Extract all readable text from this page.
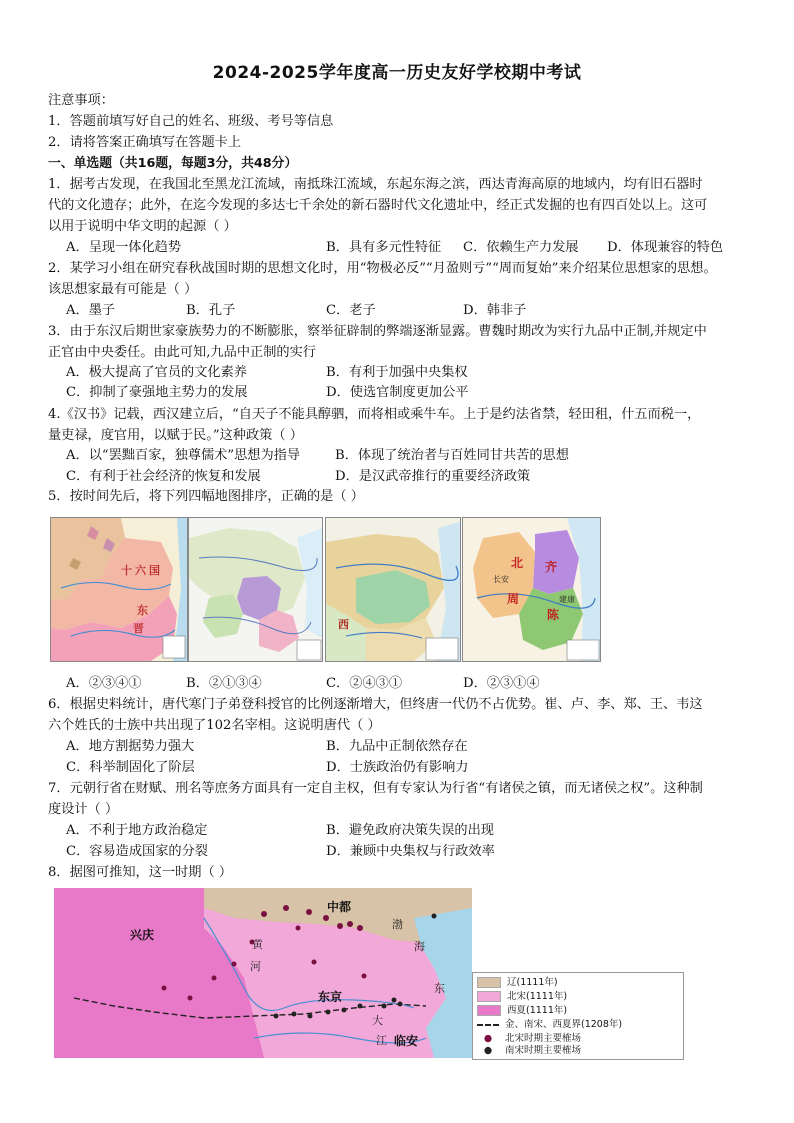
2024-2025学年度高一历史友好学校期中考试
注意事项：
1．答题前填写好自己的姓名、班级、考号等信息
2．请将答案正确填写在答题卡上
一、单选题（共16题，每题3分，共48分）
1．据考古发现，在我国北至黑龙江流域，南抵珠江流域，东起东海之滨，西达青海高原的地域内，均有旧石器时
代的文化遗存；此外，在迄今发现的多达七千余处的新石器时代文化遗址中，经正式发掘的也有四百处以上。这可
以用于说明中华文明的起源（ ）
A．呈现一体化趋势	B．具有多元性特征 C．依赖生产力发展 D．体现兼容的特色
2．某学习小组在研究春秋战国时期的思想文化时，用“物极必反”“月盈则亏”“周而复始”来介绍某位思想家的思想。
该思想家最有可能是（ ）
A．墨子	B．孔子	C．老子	D．韩非子
3．由于东汉后期世家豪族势力的不断膨胀，察举征辟制的弊端逐渐显露。曹魏时期改为实行九品中正制,并规定中
正官由中央委任。由此可知,九品中正制的实行
A．极大提高了官员的文化素养	B．有利于加强中央集权
C．抑制了豪强地主势力的发展	D．使选官制度更加公平
4.《汉书》记载，西汉建立后，“自天子不能具醇驷，而将相或乘牛车。上于是约法省禁，轻田租，什五而税一，
量吏禄，度官用，以赋于民。”这种政策（ ）
A．以“罢黜百家，独尊儒术”思想为指导	B．体现了统治者与百姓同甘共苦的思想
C．有利于社会经济的恢复和发展	D．是汉武帝推行的重要经济政策
5．按时间先后，将下列四幅地图排序，正确的是（ ）
十 六 国
东
晋	西
北 齐
周
陈
长安
建康
A．②③④①	B．②①③④	C．②④③①	D．②③①④
6．根据史料统计，唐代寒门子弟登科授官的比例逐渐增大，但终唐一代仍不占优势。崔、卢、李、郑、王、韦这
六个姓氏的士族中共出现了102名宰相。这说明唐代（ ）
A．地方割据势力强大	B．九品中正制依然存在
C．科举制固化了阶层	D．士族政治仍有影响力
7．元朝行省在财赋、刑名等庶务方面具有一定自主权，但有专家认为行省“有诸侯之镇，而无诸侯之权”。这种制
度设计（ ）
A．不利于地方政治稳定	B．避免政府决策失误的出现
C．容易造成国家的分裂	D．兼顾中央集权与行政效率
8．据图可推知，这一时期（ ）
中都
兴庆
东京
临安
渤
海
东
黄
河
大
江
辽(1111年)
北宋(1111年)
西夏(1111年)
金、南宋、西夏界(1208年)
● 北宋时期主要榷场
● 南宋时期主要榷场
